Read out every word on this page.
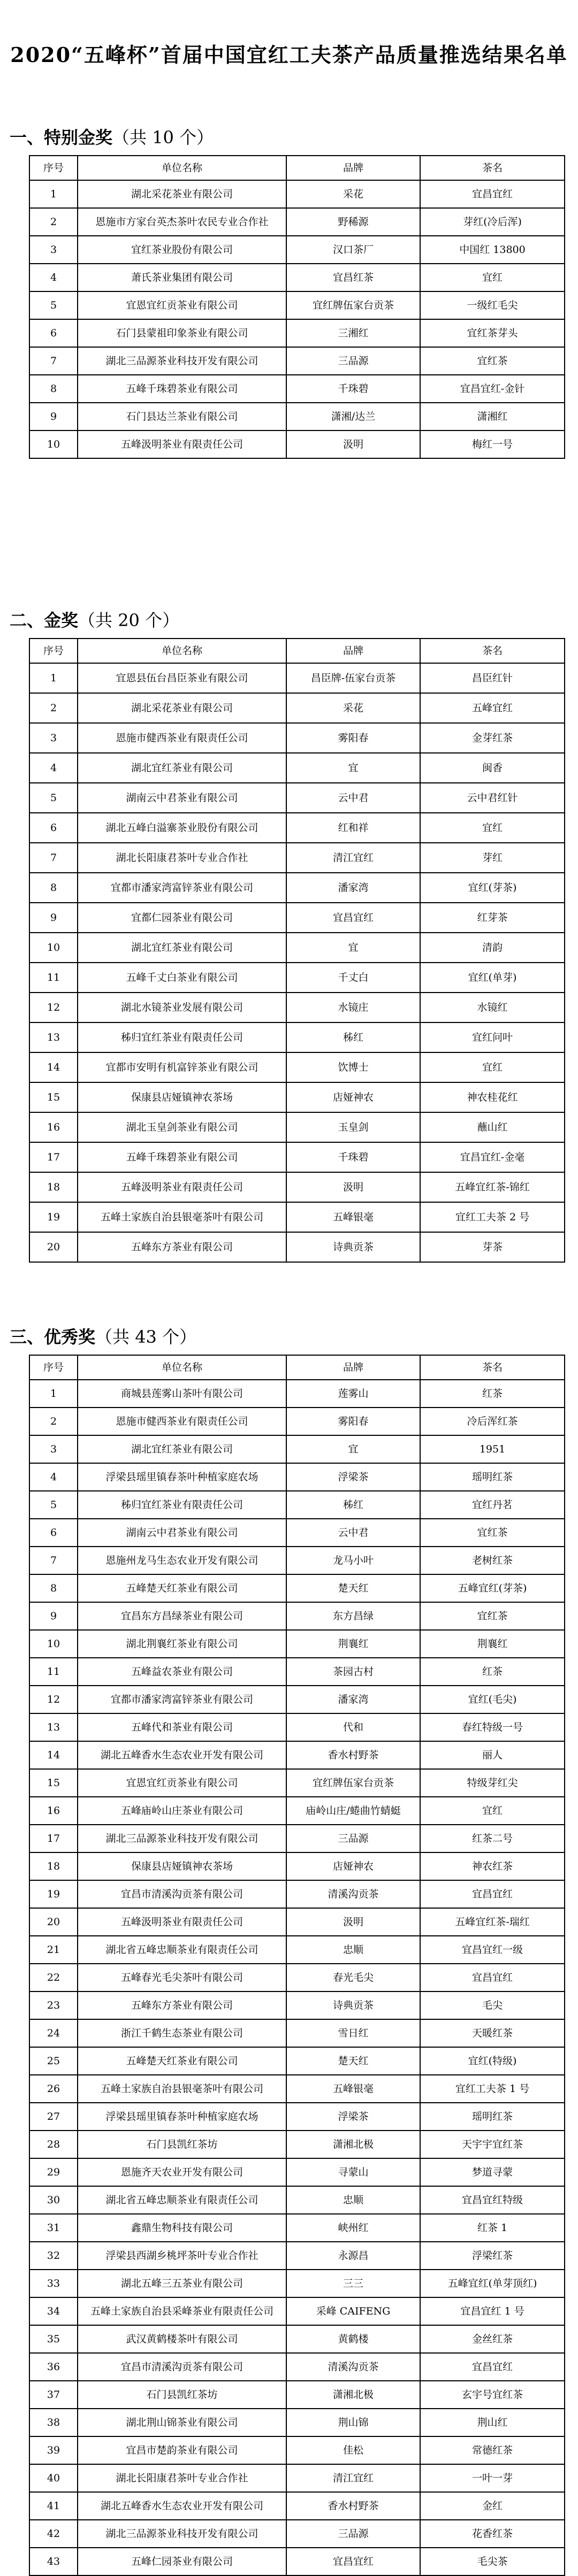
2020“五峰杯”首届中国宜红工夫茶产品质量推选结果名单
一、特别金奖（共 10 个）
序号	单位名称	品牌	茶名
1	湖北采花茶业有限公司	采花	宜昌宜红
2	恩施市方家台英杰茶叶农民专业合作社	野稀源	芽红(冷后浑)
3	宜红茶业股份有限公司	汉口茶厂	中国红 13800
4	萧氏茶业集团有限公司	宜昌红茶	宜红
5	宜恩宜红贡茶业有限公司	宜红牌伍家台贡茶	一级红毛尖
6	石门县蒙祖印象茶业有限公司	三湘红	宜红茶芽头
7	湖北三品源茶业科技开发有限公司	三品源	宜红茶
8	五峰千珠碧茶业有限公司	千珠碧	宜昌宜红-金针
9	石门县达兰茶业有限公司	潇湘/达兰	潇湘红
10	五峰汲明茶业有限责任公司	汲明	梅红一号
二、金奖（共 20 个）
序号	单位名称	品牌	茶名
1	宜恩县伍台昌臣茶业有限公司	昌臣牌-伍家台贡茶	昌臣红针
2	湖北采花茶业有限公司	采花	五峰宜红
3	恩施市健西茶业有限责任公司	雾阳春	金芽红茶
4	湖北宜红茶业有限公司	宜	闽香
5	湖南云中君茶业有限公司	云中君	云中君红针
6	湖北五峰白溢寨茶业股份有限公司	红和祥	宜红
7	湖北长阳康君茶叶专业合作社	清江宜红	芽红
8	宜都市潘家湾富锌茶业有限公司	潘家湾	宜红(芽茶)
9	宜都仁园茶业有限公司	宜昌宜红	红芽茶
10	湖北宜红茶业有限公司	宜	清韵
11	五峰千丈白茶业有限公司	千丈白	宜红(单芽)
12	湖北水镜茶业发展有限公司	水镜庄	水镜红
13	秭归宜红茶业有限责任公司	秭红	宜红问叶
14	宜都市安明有机富锌茶业有限公司	饮博士	宜红
15	保康县店娅镇神农茶场	店娅神农	神农桂花红
16	湖北玉皇剑茶业有限公司	玉皇剑	蘸山红
17	五峰千珠碧茶业有限公司	千珠碧	宜昌宜红-金毫
18	五峰汲明茶业有限责任公司	汲明	五峰宜红茶-锦红
19	五峰土家族自治县银毫茶叶有限公司	五峰银毫	宜红工夫茶 2 号
20	五峰东方茶业有限公司	诗典贡茶	芽茶
三、优秀奖（共 43 个）
序号	单位名称	品牌	茶名
1	商城县莲雾山茶叶有限公司	莲雾山	红茶
2	恩施市健西茶业有限责任公司	雾阳春	冷后浑红茶
3	湖北宜红茶业有限公司	宜	1951
4	浮梁县瑶里镇春茶叶种植家庭农场	浮梁茶	瑶明红茶
5	秭归宜红茶业有限责任公司	秭红	宜红丹茗
6	湖南云中君茶业有限公司	云中君	宜红茶
7	恩施州龙马生态农业开发有限公司	龙马小叶	老树红茶
8	五峰楚天红茶业有限公司	楚天红	五峰宜红(芽茶)
9	宜昌东方昌绿茶业有限公司	东方昌绿	宜红茶
10	湖北荆襄红茶业有限公司	荆襄红	荆襄红
11	五峰益农茶业有限公司	茶园古村	红茶
12	宜都市潘家湾富锌茶业有限公司	潘家湾	宜红(毛尖)
13	五峰代和茶业有限公司	代和	春红特级一号
14	湖北五峰香水生态农业开发有限公司	香水村野茶	丽人
15	宜恩宜红贡茶业有限公司	宜红牌伍家台贡茶	特级芽红尖
16	五峰庙岭山庄茶业有限公司	庙岭山庄/蜷曲竹蜻蜓	宜红
17	湖北三品源茶业科技开发有限公司	三品源	红茶二号
18	保康县店娅镇神农茶场	店娅神农	神农红茶
19	宜昌市清溪沟贡茶有限公司	清溪沟贡茶	宜昌宜红
20	五峰汲明茶业有限责任公司	汲明	五峰宜红茶-瑞红
21	湖北省五峰忠顺茶业有限责任公司	忠顺	宜昌宜红一级
22	五峰春光毛尖茶叶有限公司	春光毛尖	宜昌宜红
23	五峰东方茶业有限公司	诗典贡茶	毛尖
24	浙江千鹤生态茶业有限公司	雪日红	天暖红茶
25	五峰楚天红茶业有限公司	楚天红	宜红(特级)
26	五峰土家族自治县银毫茶叶有限公司	五峰银毫	宜红工夫茶 1 号
27	浮梁县瑶里镇春茶叶种植家庭农场	浮梁茶	瑶明红茶
28	石门县凯红茶坊	潇湘北极	天宇宇宜红茶
29	恩施齐天农业开发有限公司	寻蒙山	梦道寻蒙
30	湖北省五峰忠顺茶业有限责任公司	忠顺	宜昌宜红特级
31	鑫鼎生物科技有限公司	峡州红	红茶 1
32	浮梁县西湖乡桃坪茶叶专业合作社	永源昌	浮梁红茶
33	湖北五峰三五茶业有限公司	三三	五峰宜红(单芽顶红)
34	五峰土家族自治县采峰茶业有限责任公司	采峰 CAIFENG	宜昌宜红 1 号
35	武汉黄鹤楼茶叶有限公司	黄鹤楼	金丝红茶
36	宜昌市清溪沟贡茶有限公司	清溪沟贡茶	宜昌宜红
37	石门县凯红茶坊	潇湘北极	玄宇号宜红茶
38	湖北荆山锦茶业有限公司	荆山锦	荆山红
39	宜昌市楚韵茶业有限公司	佳松	常德红茶
40	湖北长阳康君茶叶专业合作社	清江宜红	一叶一芽
41	湖北五峰香水生态农业开发有限公司	香水村野茶	金红
42	湖北三品源茶业科技开发有限公司	三品源	花香红茶
43	五峰仁园茶业有限公司	宜昌宜红	毛尖茶
